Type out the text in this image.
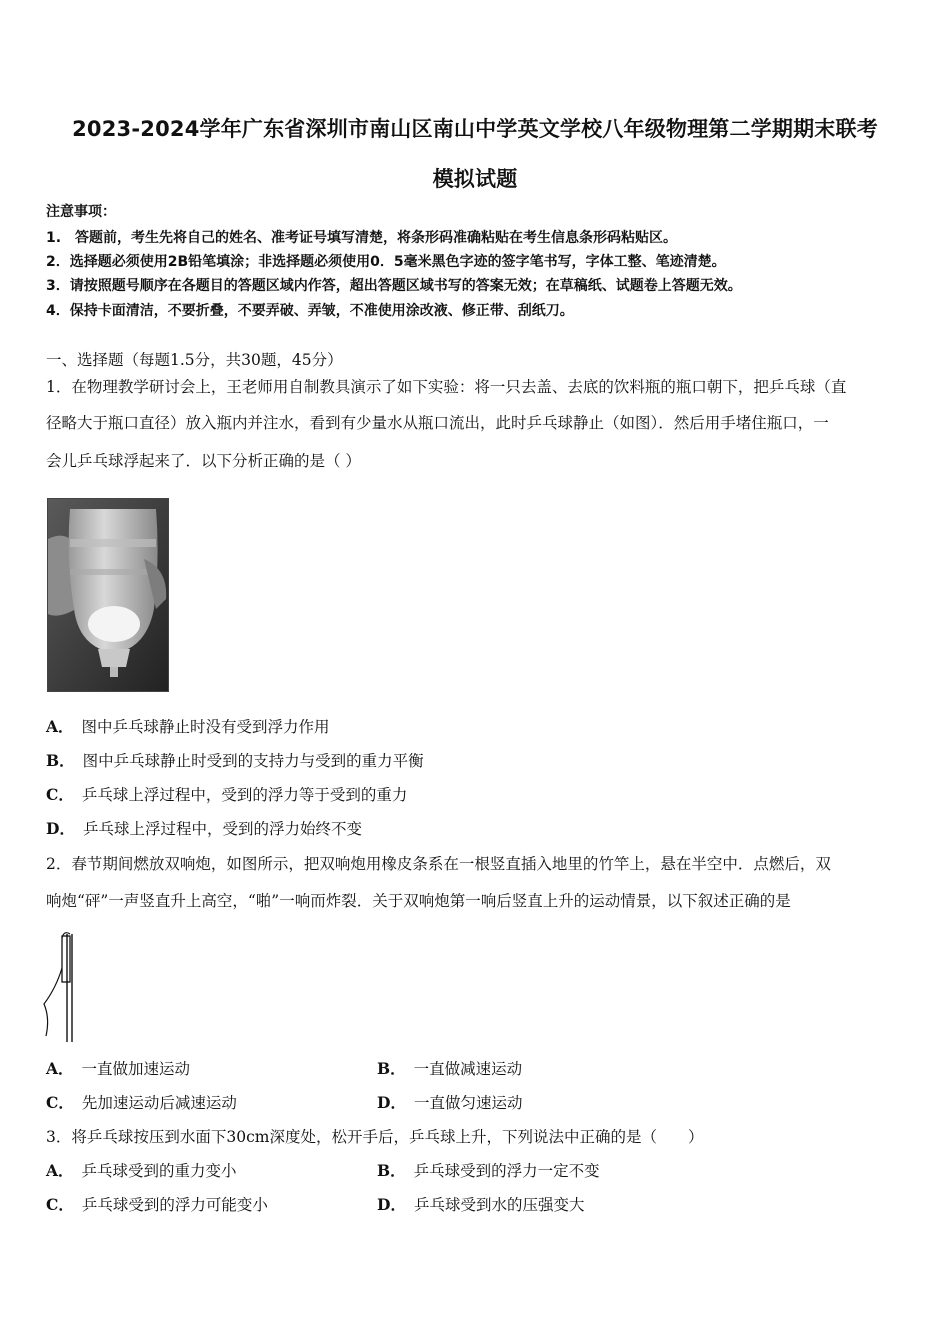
2023-2024学年广东省深圳市南山区南山中学英文学校八年级物理第二学期期末联考
模拟试题
注意事项：
1.　答题前，考生先将自己的姓名、准考证号填写清楚，将条形码准确粘贴在考生信息条形码粘贴区。
2．选择题必须使用2B铅笔填涂；非选择题必须使用0．5毫米黑色字迹的签字笔书写，字体工整、笔迹清楚。
3．请按照题号顺序在各题目的答题区域内作答，超出答题区域书写的答案无效；在草稿纸、试题卷上答题无效。
4．保持卡面清洁，不要折叠，不要弄破、弄皱，不准使用涂改液、修正带、刮纸刀。
一、选择题（每题1.5分，共30题，45分）
1．在物理教学研讨会上，王老师用自制教具演示了如下实验：将一只去盖、去底的饮料瓶的瓶口朝下，把乒乓球（直
径略大于瓶口直径）放入瓶内并注水，看到有少量水从瓶口流出，此时乒乓球静止（如图）．然后用手堵住瓶口，一
会儿乒乓球浮起来了．以下分析正确的是（ ）
A． 图中乒乓球静止时没有受到浮力作用
B． 图中乒乓球静止时受到的支持力与受到的重力平衡
C． 乒乓球上浮过程中，受到的浮力等于受到的重力
D． 乒乓球上浮过程中，受到的浮力始终不变
2．春节期间燃放双响炮，如图所示，把双响炮用橡皮条系在一根竖直插入地里的竹竿上，悬在半空中．点燃后，双
响炮“砰”一声竖直升上高空，“啪”一响而炸裂．关于双响炮第一响后竖直上升的运动情景，以下叙述正确的是
A． 一直做加速运动	B． 一直做减速运动
C． 先加速运动后减速运动	D． 一直做匀速运动
3．将乒乓球按压到水面下30cm深度处，松开手后，乒乓球上升，下列说法中正确的是（　　）
A． 乒乓球受到的重力变小	B． 乒乓球受到的浮力一定不变
C． 乒乓球受到的浮力可能变小	D． 乒乓球受到水的压强变大
